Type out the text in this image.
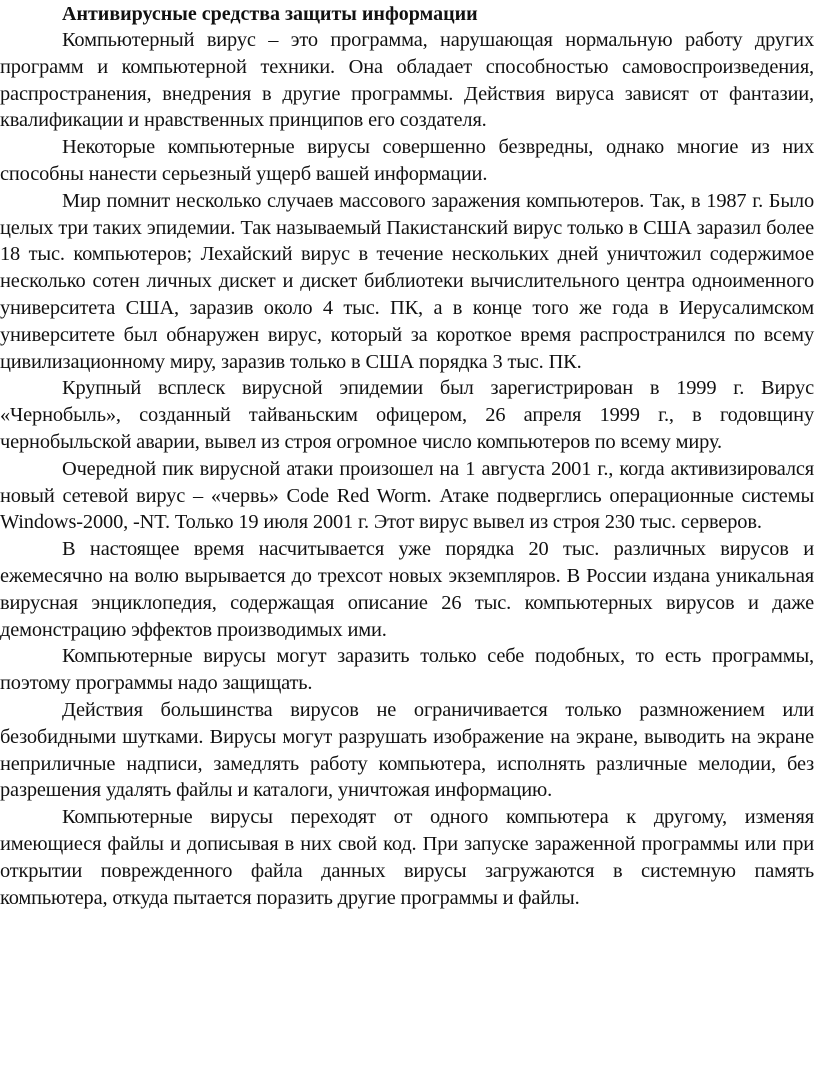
Антивирусные средства защиты информации

Компьютерный вирус – это программа, нарушающая нормальную работу других программ и компьютерной техники. Она обладает способностью самовоспроизведения, распространения, внедрения в другие программы. Действия вируса зависят от фантазии, квалификации и нравственных принципов его создателя.

Некоторые компьютерные вирусы совершенно безвредны, однако многие из них способны нанести серьезный ущерб вашей информации.

Мир помнит несколько случаев массового заражения компьютеров. Так, в 1987 г. Было целых три таких эпидемии. Так называемый Пакистанский вирус только в США заразил более 18 тыс. компьютеров; Лехайский вирус в течение нескольких дней уничтожил содержимое несколько сотен личных дискет и дискет библиотеки вычислительного центра одноименного университета США, заразив около 4 тыс. ПК, а в конце того же года в Иерусалимском университете был обнаружен вирус, который за короткое время распространился по всему цивилизационному миру, заразив только в США порядка 3 тыс. ПК.

Крупный всплеск вирусной эпидемии был зарегистрирован в 1999 г. Вирус «Чернобыль», созданный тайваньским офицером, 26 апреля 1999 г., в годовщину чернобыльской аварии, вывел из строя огромное число компьютеров по всему миру.

Очередной пик вирусной атаки произошел на 1 августа 2001 г., когда активизировался новый сетевой вирус – «червь» Code Red Worm. Атаке подверглись операционные системы Windows-2000, -NT. Только 19 июля 2001 г. Этот вирус вывел из строя 230 тыс. серверов.

В настоящее время насчитывается уже порядка 20 тыс. различных вирусов и ежемесячно на волю вырывается до трехсот новых экземпляров. В России издана уникальная вирусная энциклопедия, содержащая описание 26 тыс. компьютерных вирусов и даже демонстрацию эффектов производимых ими.

Компьютерные вирусы могут заразить только себе подобных, то есть программы, поэтому программы надо защищать.

Действия большинства вирусов не ограничивается только размножением или безобидными шутками. Вирусы могут разрушать изображение на экране, выводить на экране неприличные надписи, замедлять работу компьютера, исполнять различные мелодии, без разрешения удалять файлы и каталоги, уничтожая информацию.

Компьютерные вирусы переходят от одного компьютера к другому, изменяя имеющиеся файлы и дописывая в них свой код. При запуске зараженной программы или при открытии поврежденного файла данных вирусы загружаются в системную память компьютера, откуда пытается поразить другие программы и файлы.
